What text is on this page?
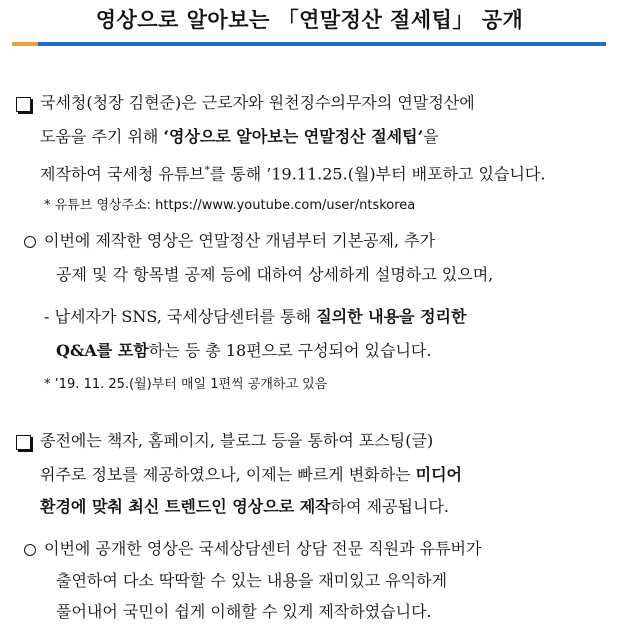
영상으로 알아보는 「연말정산 절세팁」 공개
국세청(청장 김현준)은 근로자와 원천징수의무자의 연말정산에
도움을 주기 위해 ‘영상으로 알아보는 연말정산 절세팁’을
제작하여 국세청 유튜브*를 통해 ’19.11.25.(월)부터 배포하고 있습니다.
* 유튜브 영상주소: https://www.youtube.com/user/ntskorea
이번에 제작한 영상은 연말정산 개념부터 기본공제, 추가
공제 및 각 항목별 공제 등에 대하여 상세하게 설명하고 있으며,
- 납세자가 SNS, 국세상담센터를 통해 질의한 내용을 정리한
Q&A를 포함하는 등 총 18편으로 구성되어 있습니다.
* ’19. 11. 25.(월)부터 매일 1편씩 공개하고 있음
종전에는 책자, 홈페이지, 블로그 등을 통하여 포스팅(글)
위주로 정보를 제공하였으나, 이제는 빠르게 변화하는 미디어
환경에 맞춰 최신 트렌드인 영상으로 제작하여 제공됩니다.
이번에 공개한 영상은 국세상담센터 상담 전문 직원과 유튜버가
출연하여 다소 딱딱할 수 있는 내용을 재미있고 유익하게
풀어내어 국민이 쉽게 이해할 수 있게 제작하였습니다.
